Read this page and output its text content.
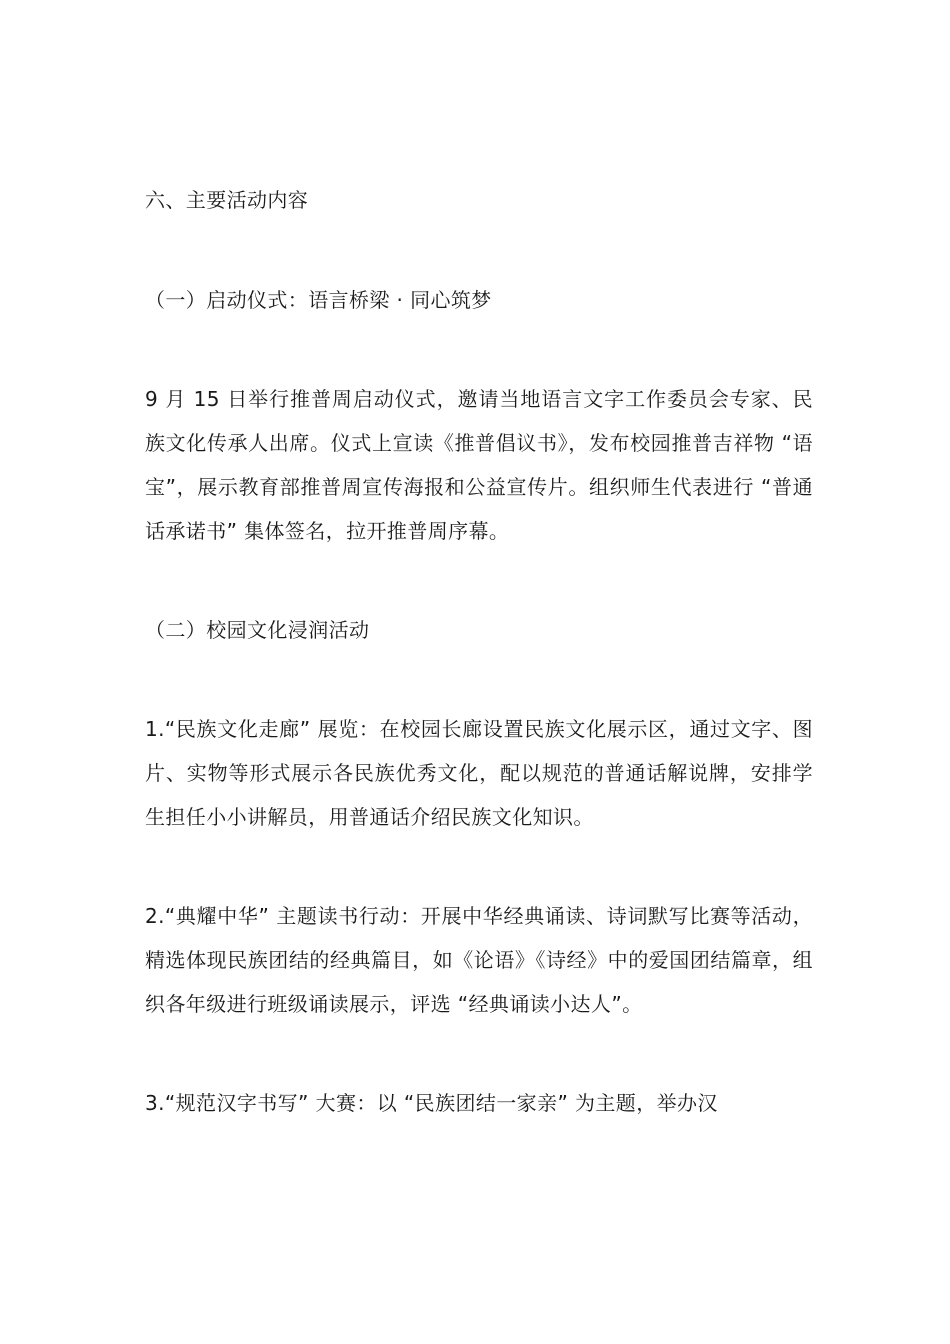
六、主要活动内容

（一）启动仪式：语言桥梁 · 同心筑梦

9 月 15 日举行推普周启动仪式，邀请当地语言文字工作委员会专家、民族文化传承人出席。仪式上宣读《推普倡议书》，发布校园推普吉祥物 “语宝”，展示教育部推普周宣传海报和公益宣传片。组织师生代表进行 “普通话承诺书” 集体签名，拉开推普周序幕。

（二）校园文化浸润活动

1.“民族文化走廊” 展览：在校园长廊设置民族文化展示区，通过文字、图片、实物等形式展示各民族优秀文化，配以规范的普通话解说牌，安排学生担任小小讲解员，用普通话介绍民族文化知识。

2.“典耀中华” 主题读书行动：开展中华经典诵读、诗词默写比赛等活动，精选体现民族团结的经典篇目，如《论语》《诗经》中的爱国团结篇章，组织各年级进行班级诵读展示，评选 “经典诵读小达人”。

3.“规范汉字书写” 大赛：以 “民族团结一家亲” 为主题，举办汉
